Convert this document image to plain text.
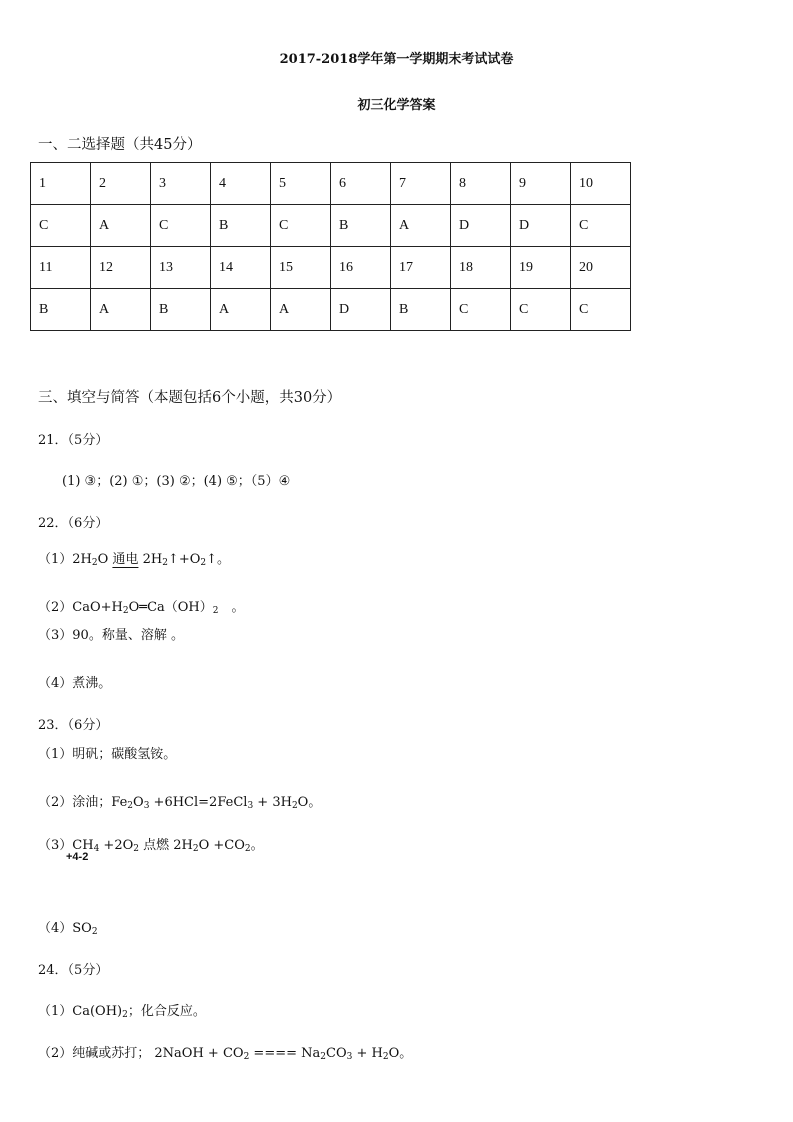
2017-2018学年第一学期期末考试试卷
初三化学答案
一、二选择题（共45分）
1	2	3	4	5	6	7	8	9	10
C	A	C	B	C	B	A	D	D	C
11	12	13	14	15	16	17	18	19	20
B	A	B	A	A	D	B	C	C	C
三、填空与简答（本题包括6个小题，共30分）
21．（5分）
(1) ③；(2) ①；(3) ②；(4) ⑤；（5）④
22．（6分）
$(1)2H_2O$ 通电 $2H_2↑+O_2↑$。
$(2)CaO+H_2O═Ca(OH)_2$　。
（3）90。称量、溶解 。
（4）煮沸。
23．（6分）
（1）明矾；碳酸氢铵。
（2）涂油；$Fe_2O_3$ +6HCl=2FeCl$_3$ + $3H_2O$。
$(3)CH_4 +2O_2$ 点燃 $2H_2O +CO_2$。
+4-2
$(4)SO_2$
24．（5分）
$(1)Ca(OH)_2$；化合反应。
（2）纯碱或苏打； 2NaOH + $CO_2$ ==== $Na_2CO_3 + H_2O$。
